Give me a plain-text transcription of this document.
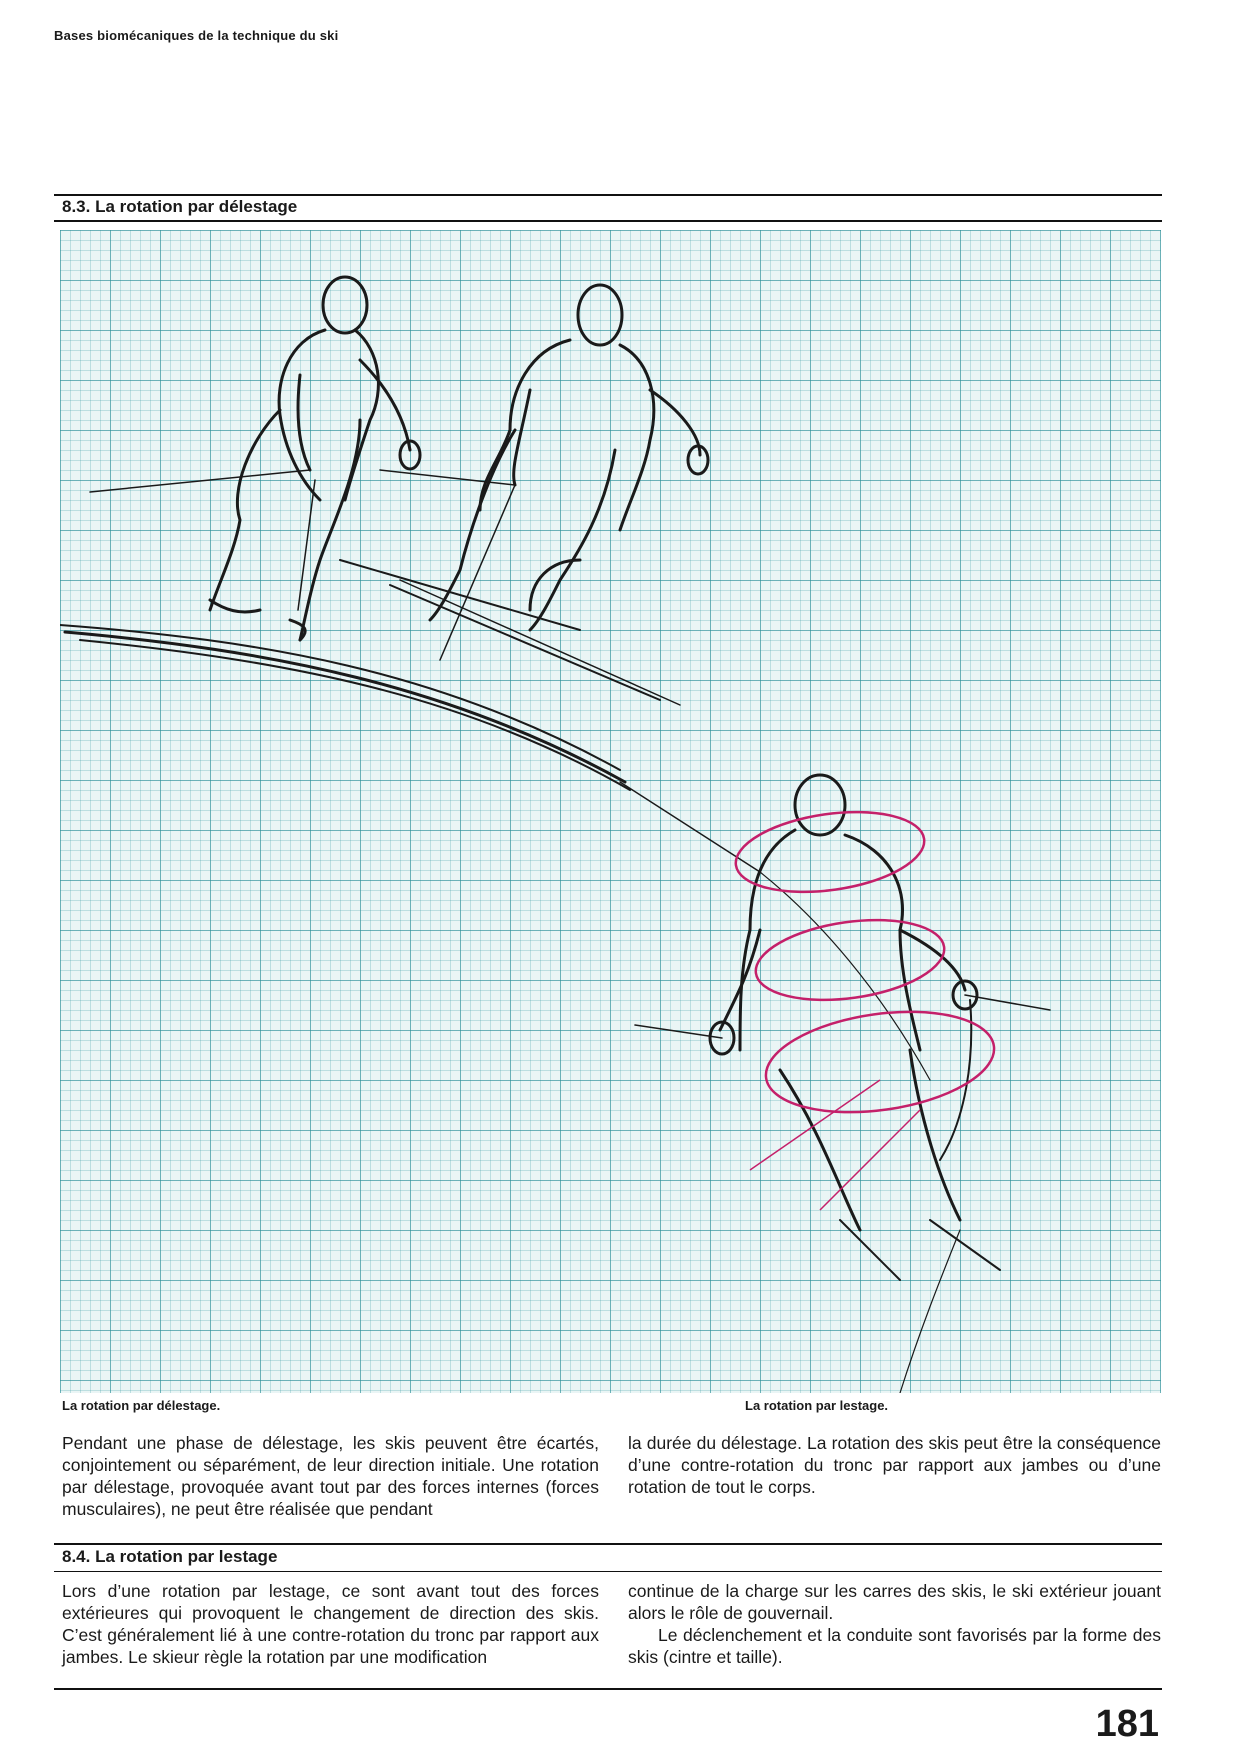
Bases biomécaniques de la technique du ski
8.3. La rotation par délestage
La rotation par délestage.	La rotation par lestage.

Pendant une phase de délestage, les skis peuvent être écartés, conjointement ou séparément, de leur direction initiale. Une rotation par délestage, provoquée avant tout par des forces internes (forces musculaires), ne peut être réalisée que pendant

la durée du délestage. La rotation des skis peut être la conséquence d’une contre-rotation du tronc par rapport aux jambes ou d’une rotation de tout le corps.

8.4. La rotation par lestage

Lors d’une rotation par lestage, ce sont avant tout des forces extérieures qui provoquent le changement de direction des skis. C’est généralement lié à une contre-rotation du tronc par rapport aux jambes. Le skieur règle la rotation par une modification

continue de la charge sur les carres des skis, le ski extérieur jouant alors le rôle de gouvernail.

Le déclenchement et la conduite sont favorisés par la forme des skis (cintre et taille).

181
